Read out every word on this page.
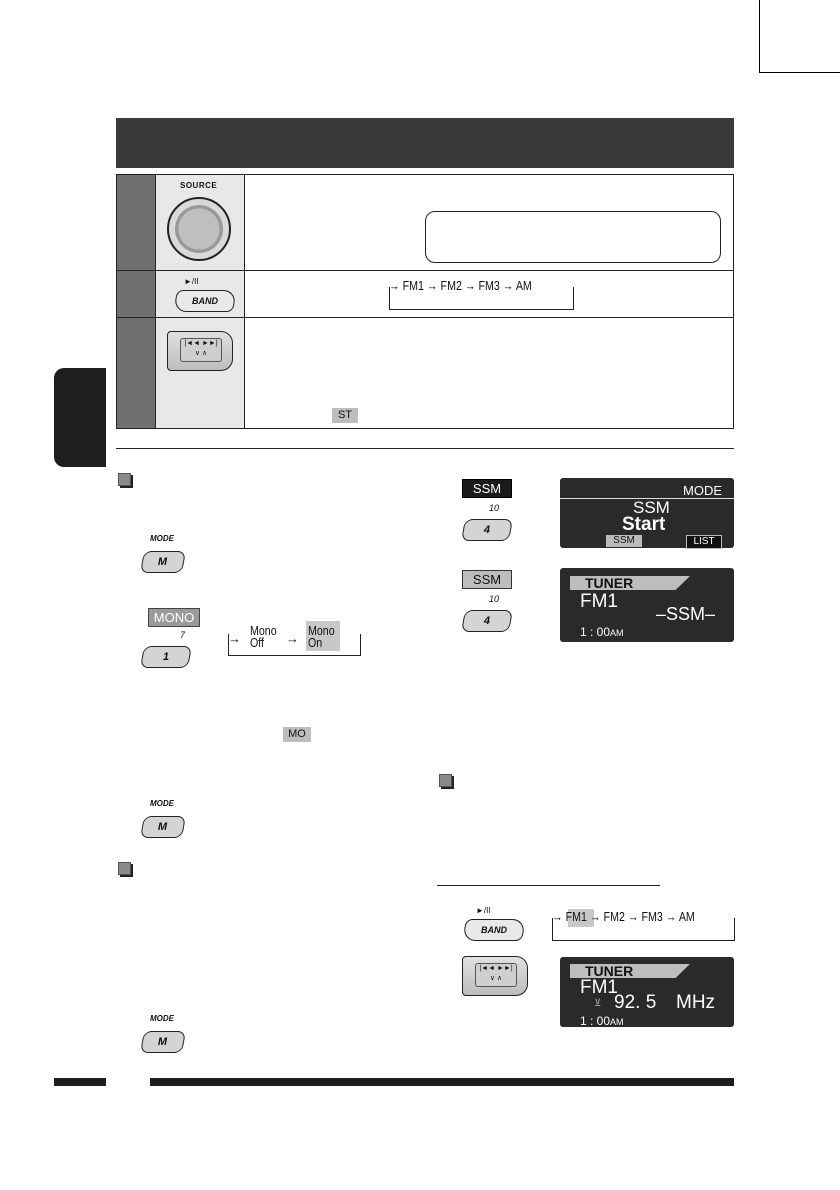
SOURCE
►/II
BAND
→ FM1 → FM2 → FM3 → AM
|◄◄ ►►|
∨ ∧
ST
MODE
M
MONO
7
1
→
Mono
Off	→
Mono
On
MO
MODE
M
MODE
M
SSM
10
4
MODE
SSM
Start
SSM	LIST
SSM
10
4
TUNER
FM1
–SSM–
1 : 00AM
►/II
BAND
→ FM1 → FM2 → FM3 → AM
|◄◄ ►►|
∨ ∧	TUNER
FM1
⊻ 92. 5 MHz
1 : 00AM
